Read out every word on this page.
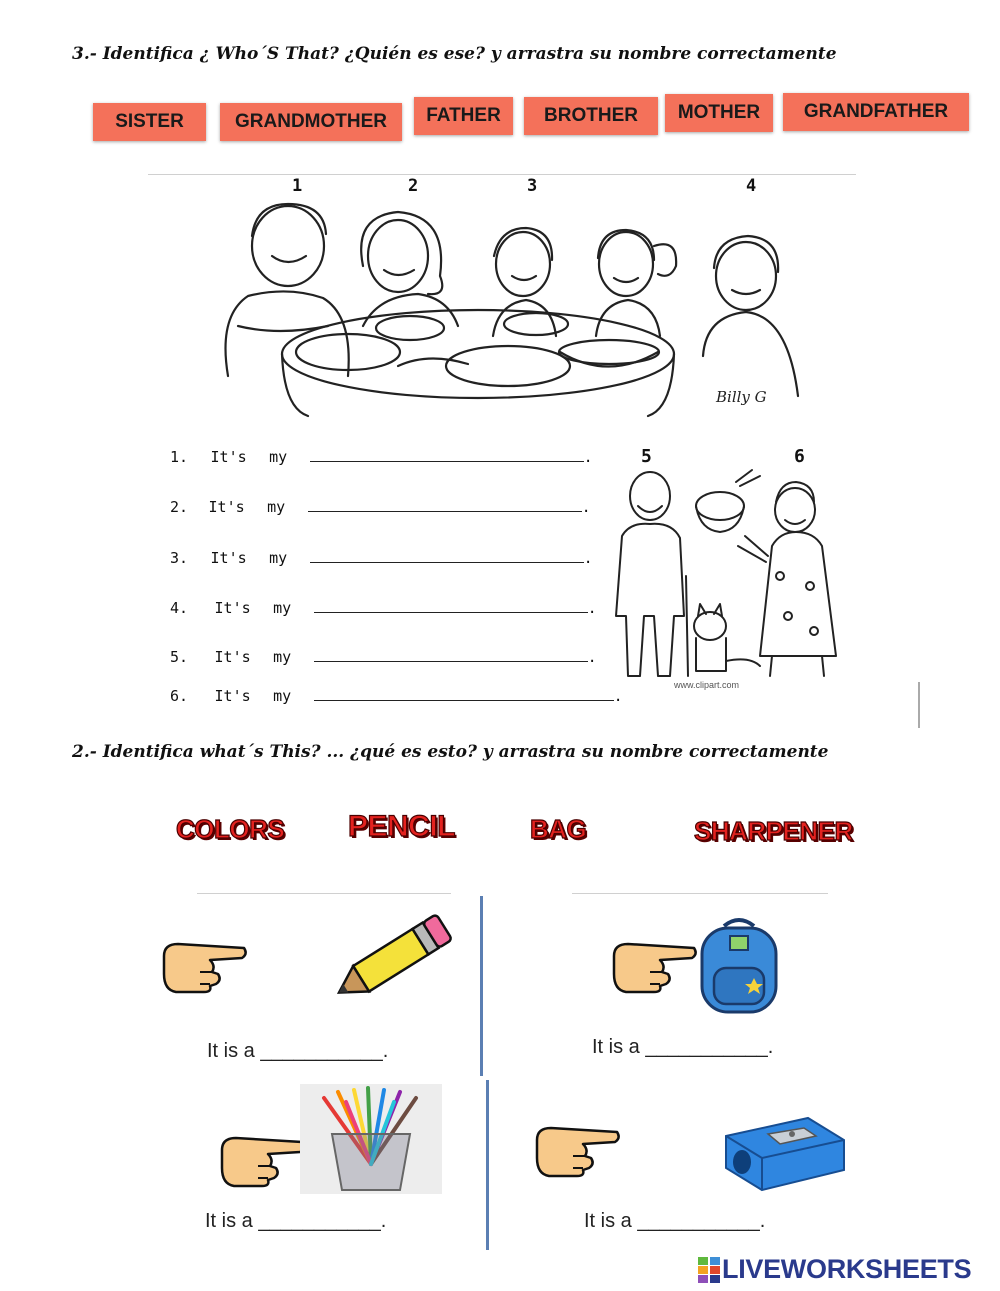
3.- Identifica ¿ Who´S That? ¿Quién es ese? y arrastra su nombre correctamente
SISTER	GRANDMOTHER	FATHER	BROTHER	MOTHER	GRANDFATHER
Billy G
1	2	3	4
1. It's my	.
2. It's my	.
3. It's my	.
4. It's my	.
5. It's my	.
6. It's my	.
5	6
www.clipart.com
2.- Identifica what´s This? ... ¿qué es esto? y arrastra su nombre correctamente
COLORS PENCIL	BAG	SHARPENER
It is a ___________.	It is a ___________.
It is a ___________.	It is a ___________.
LIVEWORKSHEETS
